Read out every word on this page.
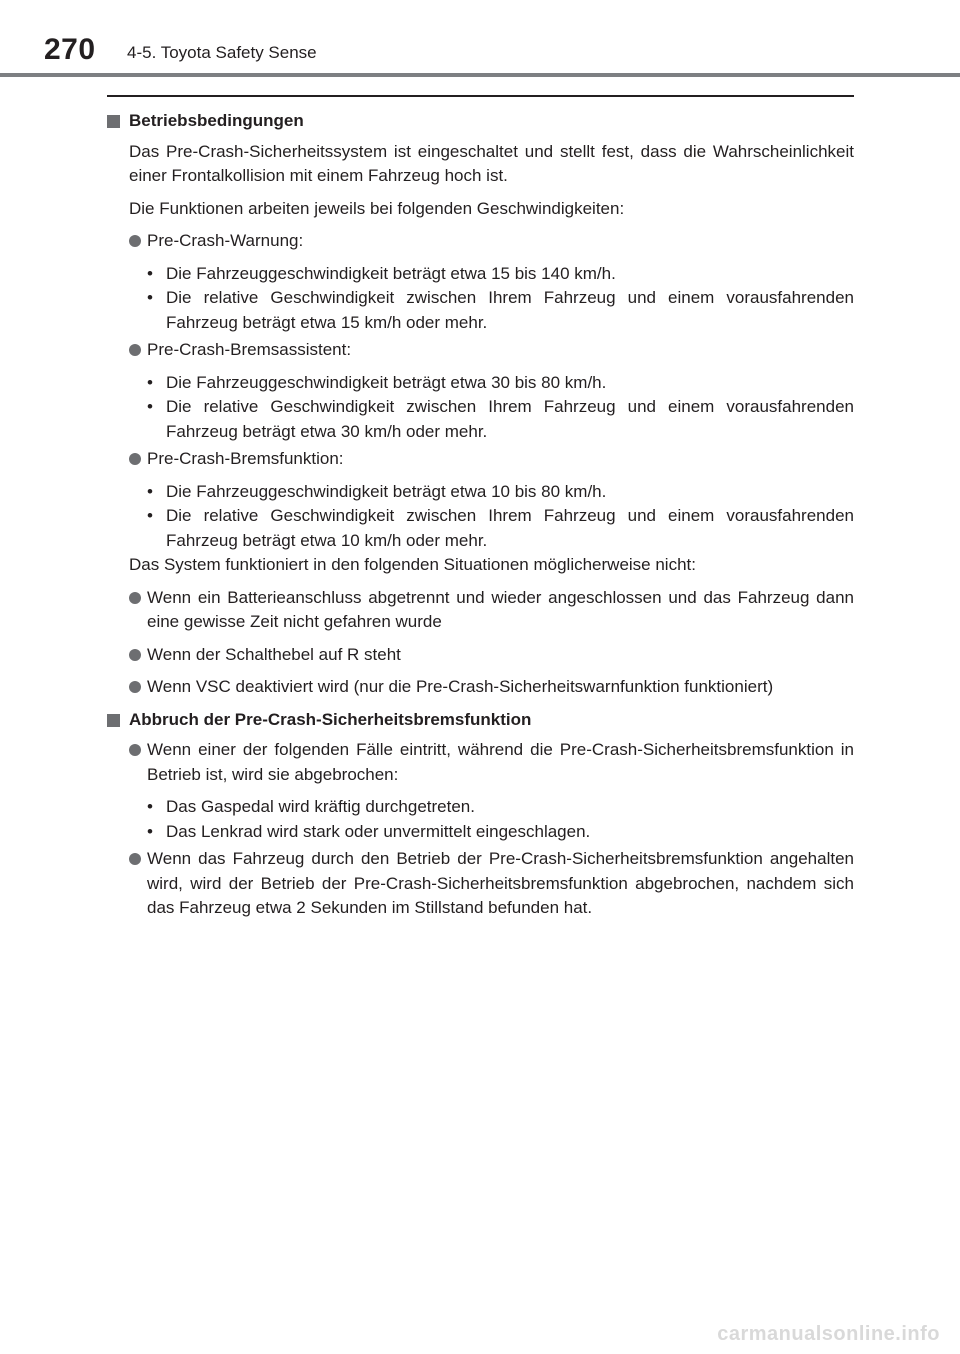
270 4-5. Toyota Safety Sense

Betriebsbedingungen

Das Pre-Crash-Sicherheitssystem ist eingeschaltet und stellt fest, dass die Wahrscheinlichkeit einer Frontalkollision mit einem Fahrzeug hoch ist.

Die Funktionen arbeiten jeweils bei folgenden Geschwindigkeiten:

Pre-Crash-Warnung:

• Die Fahrzeuggeschwindigkeit beträgt etwa 15 bis 140 km/h.

• Die relative Geschwindigkeit zwischen Ihrem Fahrzeug und einem vorausfahrenden Fahrzeug beträgt etwa 15 km/h oder mehr.

Pre-Crash-Bremsassistent:

• Die Fahrzeuggeschwindigkeit beträgt etwa 30 bis 80 km/h.

• Die relative Geschwindigkeit zwischen Ihrem Fahrzeug und einem vorausfahrenden Fahrzeug beträgt etwa 30 km/h oder mehr.

Pre-Crash-Bremsfunktion:

• Die Fahrzeuggeschwindigkeit beträgt etwa 10 bis 80 km/h.

• Die relative Geschwindigkeit zwischen Ihrem Fahrzeug und einem vorausfahrenden Fahrzeug beträgt etwa 10 km/h oder mehr.

Das System funktioniert in den folgenden Situationen möglicherweise nicht:

Wenn ein Batterieanschluss abgetrennt und wieder angeschlossen und das Fahrzeug dann eine gewisse Zeit nicht gefahren wurde

Wenn der Schalthebel auf R steht

Wenn VSC deaktiviert wird (nur die Pre-Crash-Sicherheitswarnfunktion funktioniert)

Abbruch der Pre-Crash-Sicherheitsbremsfunktion

Wenn einer der folgenden Fälle eintritt, während die Pre-Crash-Sicherheitsbremsfunktion in Betrieb ist, wird sie abgebrochen:

• Das Gaspedal wird kräftig durchgetreten.

• Das Lenkrad wird stark oder unvermittelt eingeschlagen.

Wenn das Fahrzeug durch den Betrieb der Pre-Crash-Sicherheitsbremsfunktion angehalten wird, wird der Betrieb der Pre-Crash-Sicherheitsbremsfunktion abgebrochen, nachdem sich das Fahrzeug etwa 2 Sekunden im Stillstand befunden hat.

carmanualsonline.info
